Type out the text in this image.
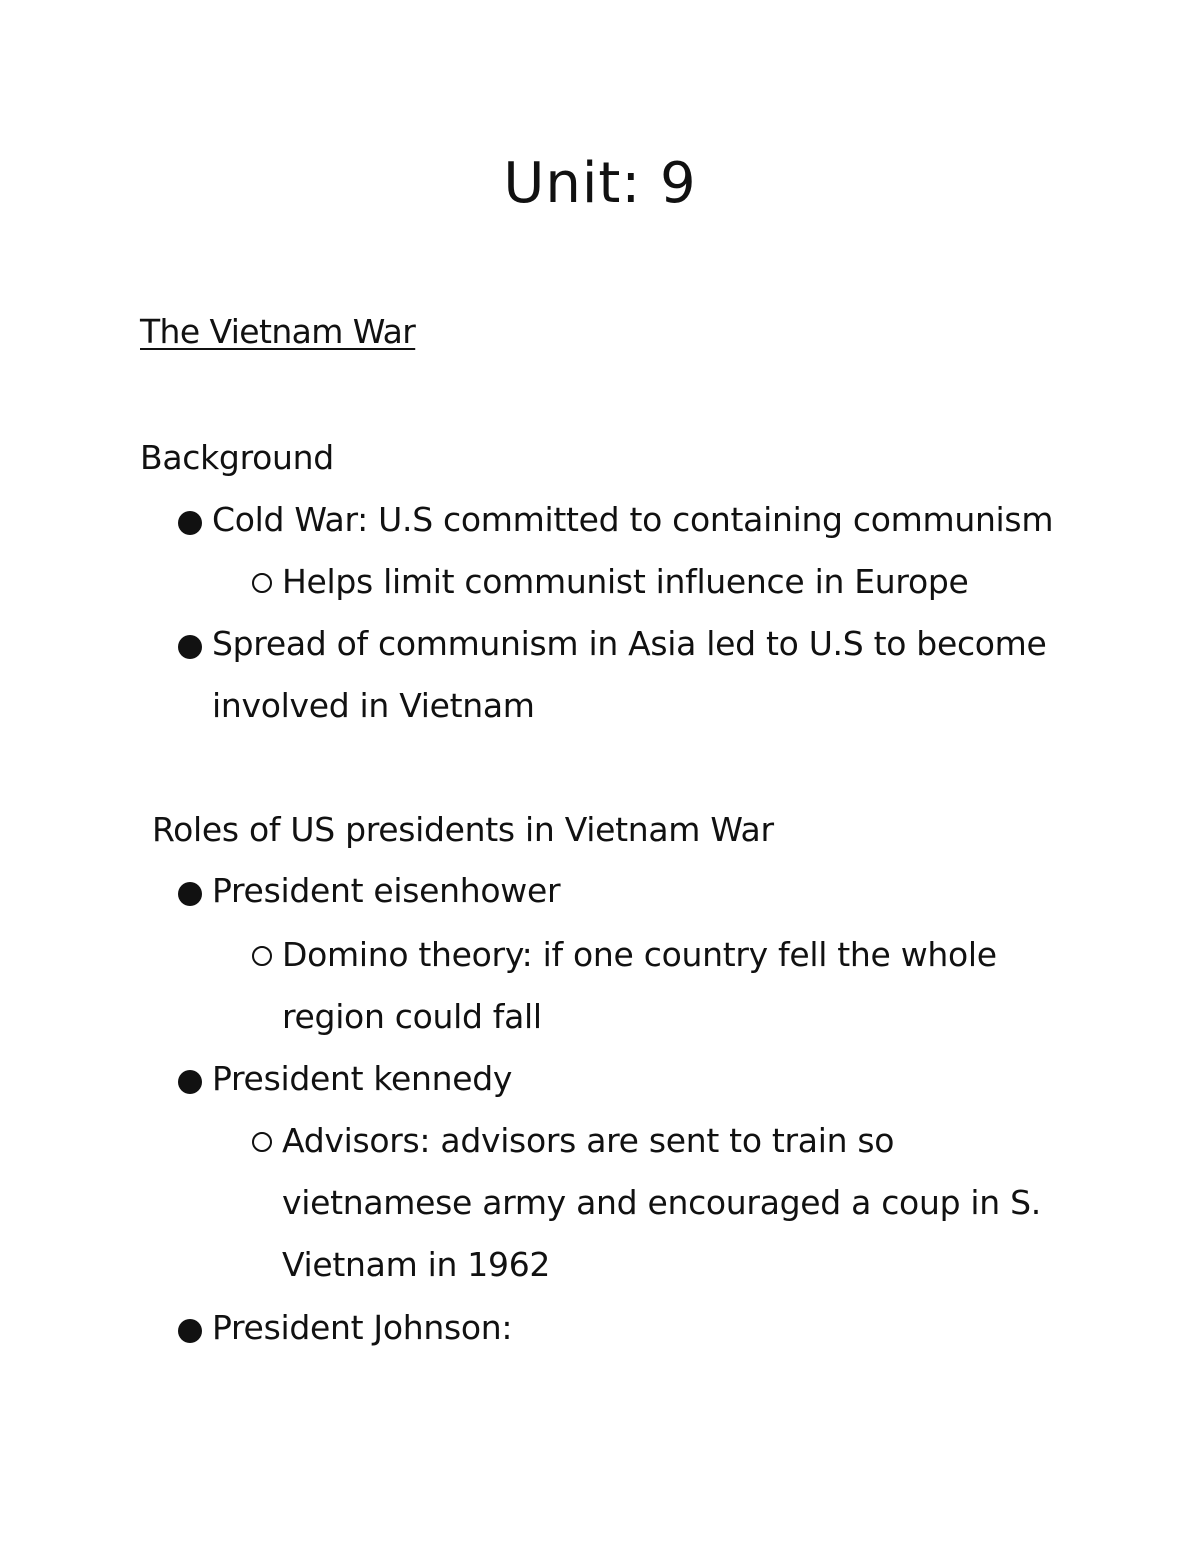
Unit: 9
The Vietnam War
Background
Cold War: U.S committed to containing communism
Helps limit communist influence in Europe
Spread of communism in Asia led to U.S to become
involved in Vietnam
Roles of US presidents in Vietnam War
President eisenhower
Domino theory: if one country fell the whole
region could fall
President kennedy
Advisors: advisors are sent to train so
vietnamese army and encouraged a coup in S.
Vietnam in 1962
President Johnson:
